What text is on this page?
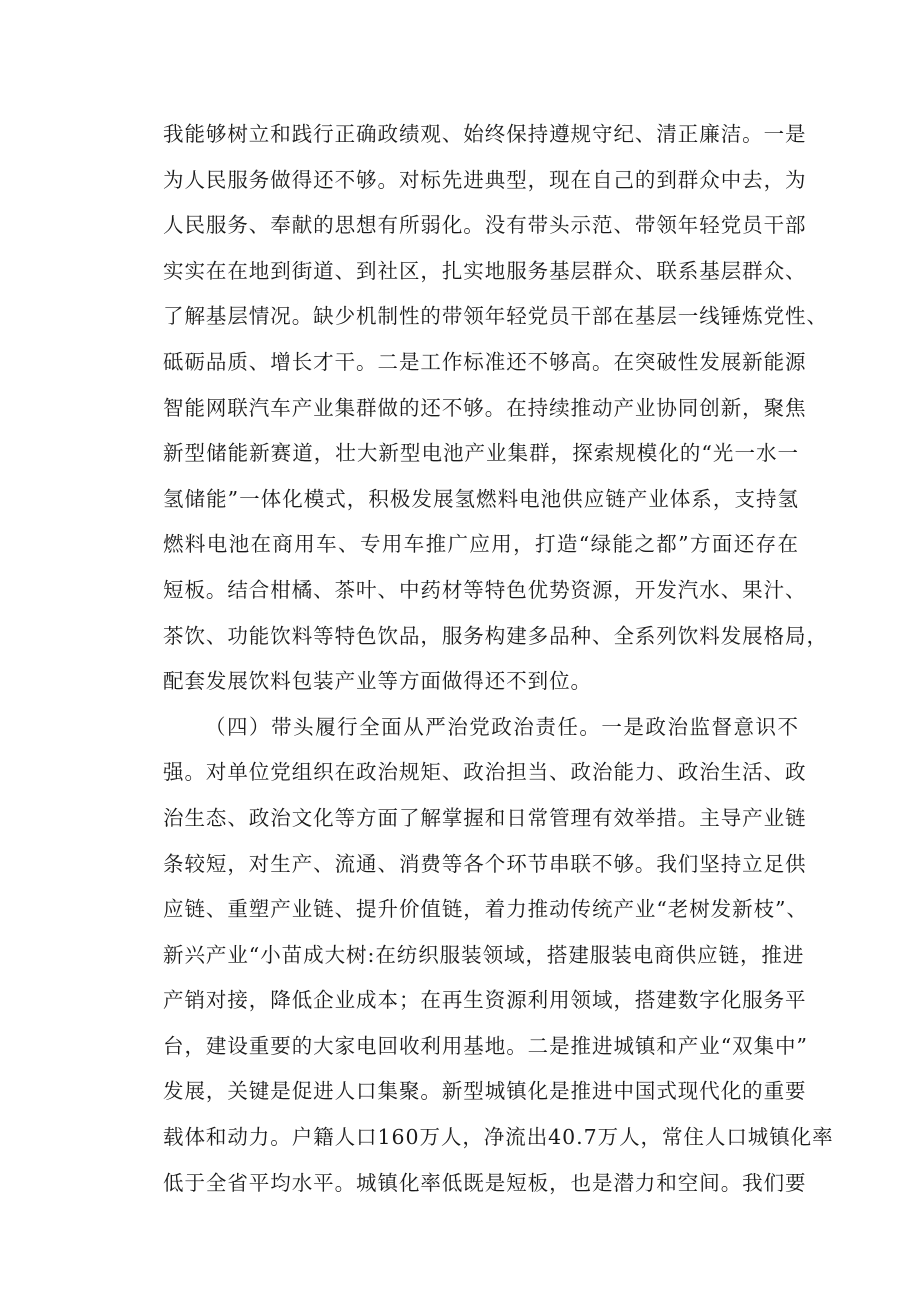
我能够树立和践行正确政绩观、始终保持遵规守纪、清正廉洁。一是
为人民服务做得还不够。对标先进典型，现在自己的到群众中去，为
人民服务、奉献的思想有所弱化。没有带头示范、带领年轻党员干部
实实在在地到街道、到社区，扎实地服务基层群众、联系基层群众、
了解基层情况。缺少机制性的带领年轻党员干部在基层一线锤炼党性、
砥砺品质、增长才干。二是工作标准还不够高。在突破性发展新能源
智能网联汽车产业集群做的还不够。在持续推动产业协同创新，聚焦
新型储能新赛道，壮大新型电池产业集群，探索规模化的“光一水一
氢储能”一体化模式，积极发展氢燃料电池供应链产业体系，支持氢
燃料电池在商用车、专用车推广应用，打造“绿能之都”方面还存在
短板。结合柑橘、茶叶、中药材等特色优势资源，开发汽水、果汁、
茶饮、功能饮料等特色饮品，服务构建多品种、全系列饮料发展格局，
配套发展饮料包装产业等方面做得还不到位。
（四）带头履行全面从严治党政治责任。一是政治监督意识不
强。对单位党组织在政治规矩、政治担当、政治能力、政治生活、政
治生态、政治文化等方面了解掌握和日常管理有效举措。主导产业链
条较短，对生产、流通、消费等各个环节串联不够。我们坚持立足供
应链、重塑产业链、提升价值链，着力推动传统产业“老树发新枝”、
新兴产业“小苗成大树:在纺织服装领域，搭建服装电商供应链，推进
产销对接，降低企业成本；在再生资源利用领域，搭建数字化服务平
台，建设重要的大家电回收利用基地。二是推进城镇和产业“双集中”
发展，关键是促进人口集聚。新型城镇化是推进中国式现代化的重要
载体和动力。户籍人口160万人，净流出40.7万人，常住人口城镇化率
低于全省平均水平。城镇化率低既是短板，也是潜力和空间。我们要
